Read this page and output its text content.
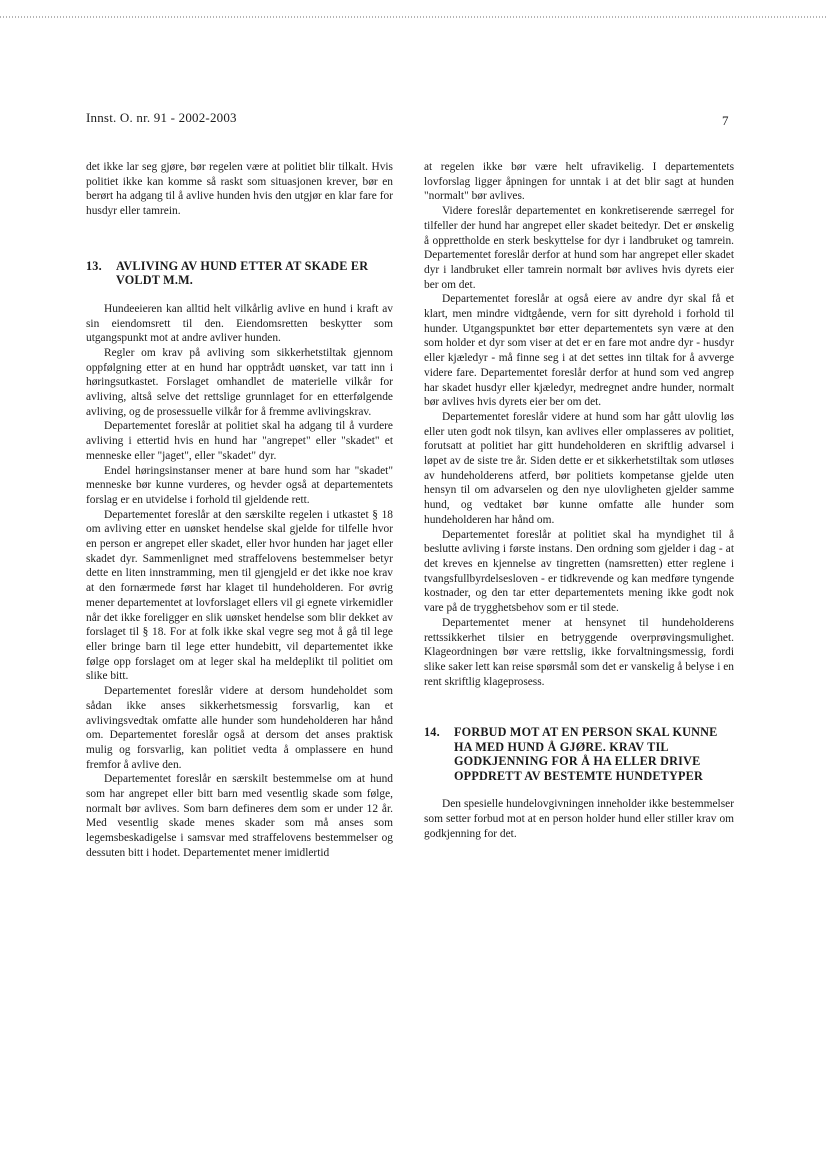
Innst. O. nr. 91 - 2002-2003	7

det ikke lar seg gjøre, bør regelen være at politiet blir tilkalt. Hvis politiet ikke kan komme så raskt som situasjonen krever, bør en berørt ha adgang til å avlive hunden hvis den utgjør en klar fare for husdyr eller tamrein.

13.	AVLIVING AV HUND ETTER AT SKADE ER VOLDT M.M.

Hundeeieren kan alltid helt vilkårlig avlive en hund i kraft av sin eiendomsrett til den. Eiendomsretten beskytter som utgangspunkt mot at andre avliver hunden.

Regler om krav på avliving som sikkerhetstiltak gjennom oppfølgning etter at en hund har opptrådt uønsket, var tatt inn i høringsutkastet. Forslaget omhandlet de materielle vilkår for avliving, altså selve det rettslige grunnlaget for en etterfølgende avliving, og de prosessuelle vilkår for å fremme avlivingskrav.

Departementet foreslår at politiet skal ha adgang til å vurdere avliving i ettertid hvis en hund har "angrepet" eller "skadet" et menneske eller "jaget", eller "skadet" dyr.

Endel høringsinstanser mener at bare hund som har "skadet" menneske bør kunne vurderes, og hevder også at departementets forslag er en utvidelse i forhold til gjeldende rett.

Departementet foreslår at den særskilte regelen i utkastet § 18 om avliving etter en uønsket hendelse skal gjelde for tilfelle hvor en person er angrepet eller skadet, eller hvor hunden har jaget eller skadet dyr. Sammenlignet med straffelovens bestemmelser betyr dette en liten innstramming, men til gjengjeld er det ikke noe krav at den fornærmede først har klaget til hundeholderen. For øvrig mener departementet at lovforslaget ellers vil gi egnete virkemidler når det ikke foreligger en slik uønsket hendelse som blir dekket av forslaget til § 18. For at folk ikke skal vegre seg mot å gå til lege eller bringe barn til lege etter hundebitt, vil departementet ikke følge opp forslaget om at leger skal ha meldeplikt til politiet om slike bitt.

Departementet foreslår videre at dersom hundeholdet som sådan ikke anses sikkerhetsmessig forsvarlig, kan et avlivingsvedtak omfatte alle hunder som hundeholderen har hånd om. Departementet foreslår også at dersom det anses praktisk mulig og forsvarlig, kan politiet vedta å omplassere en hund fremfor å avlive den.

Departementet foreslår en særskilt bestemmelse om at hund som har angrepet eller bitt barn med vesentlig skade som følge, normalt bør avlives. Som barn defineres dem som er under 12 år. Med vesentlig skade menes skader som må anses som legemsbeskadigelse i samsvar med straffelovens bestemmelser og dessuten bitt i hodet. Departementet mener imidlertid

at regelen ikke bør være helt ufravikelig. I departementets lovforslag ligger åpningen for unntak i at det blir sagt at hunden "normalt" bør avlives.

Videre foreslår departementet en konkretiserende særregel for tilfeller der hund har angrepet eller skadet beitedyr. Det er ønskelig å opprettholde en sterk beskyttelse for dyr i landbruket og tamrein. Departementet foreslår derfor at hund som har angrepet eller skadet dyr i landbruket eller tamrein normalt bør avlives hvis dyrets eier ber om det.

Departementet foreslår at også eiere av andre dyr skal få et klart, men mindre vidtgående, vern for sitt dyrehold i forhold til hunder. Utgangspunktet bør etter departementets syn være at den som holder et dyr som viser at det er en fare mot andre dyr - husdyr eller kjæledyr - må finne seg i at det settes inn tiltak for å avverge videre fare. Departementet foreslår derfor at hund som ved angrep har skadet husdyr eller kjæledyr, medregnet andre hunder, normalt bør avlives hvis dyrets eier ber om det.

Departementet foreslår videre at hund som har gått ulovlig løs eller uten godt nok tilsyn, kan avlives eller omplasseres av politiet, forutsatt at politiet har gitt hundeholderen en skriftlig advarsel i løpet av de siste tre år. Siden dette er et sikkerhetstiltak som utløses av hundeholderens atferd, bør politiets kompetanse gjelde uten hensyn til om advarselen og den nye ulovligheten gjelder samme hund, og vedtaket bør kunne omfatte alle hunder som hundeholderen har hånd om.

Departementet foreslår at politiet skal ha myndighet til å beslutte avliving i første instans. Den ordning som gjelder i dag - at det kreves en kjennelse av tingretten (namsretten) etter reglene i tvangsfullbyrdelsesloven - er tidkrevende og kan medføre tyngende kostnader, og den tar etter departementets mening ikke godt nok vare på de trygghetsbehov som er til stede.

Departementet mener at hensynet til hundeholderens rettssikkerhet tilsier en betryggende overprøvingsmulighet. Klageordningen bør være rettslig, ikke forvaltningsmessig, fordi slike saker lett kan reise spørsmål som det er vanskelig å belyse i en rent skriftlig klageprosess.

14.	FORBUD MOT AT EN PERSON SKAL KUNNE HA MED HUND Å GJØRE. KRAV TIL GODKJENNING FOR Å HA ELLER DRIVE OPPDRETT AV BESTEMTE HUNDETYPER

Den spesielle hundelovgivningen inneholder ikke bestemmelser som setter forbud mot at en person holder hund eller stiller krav om godkjenning for det.
